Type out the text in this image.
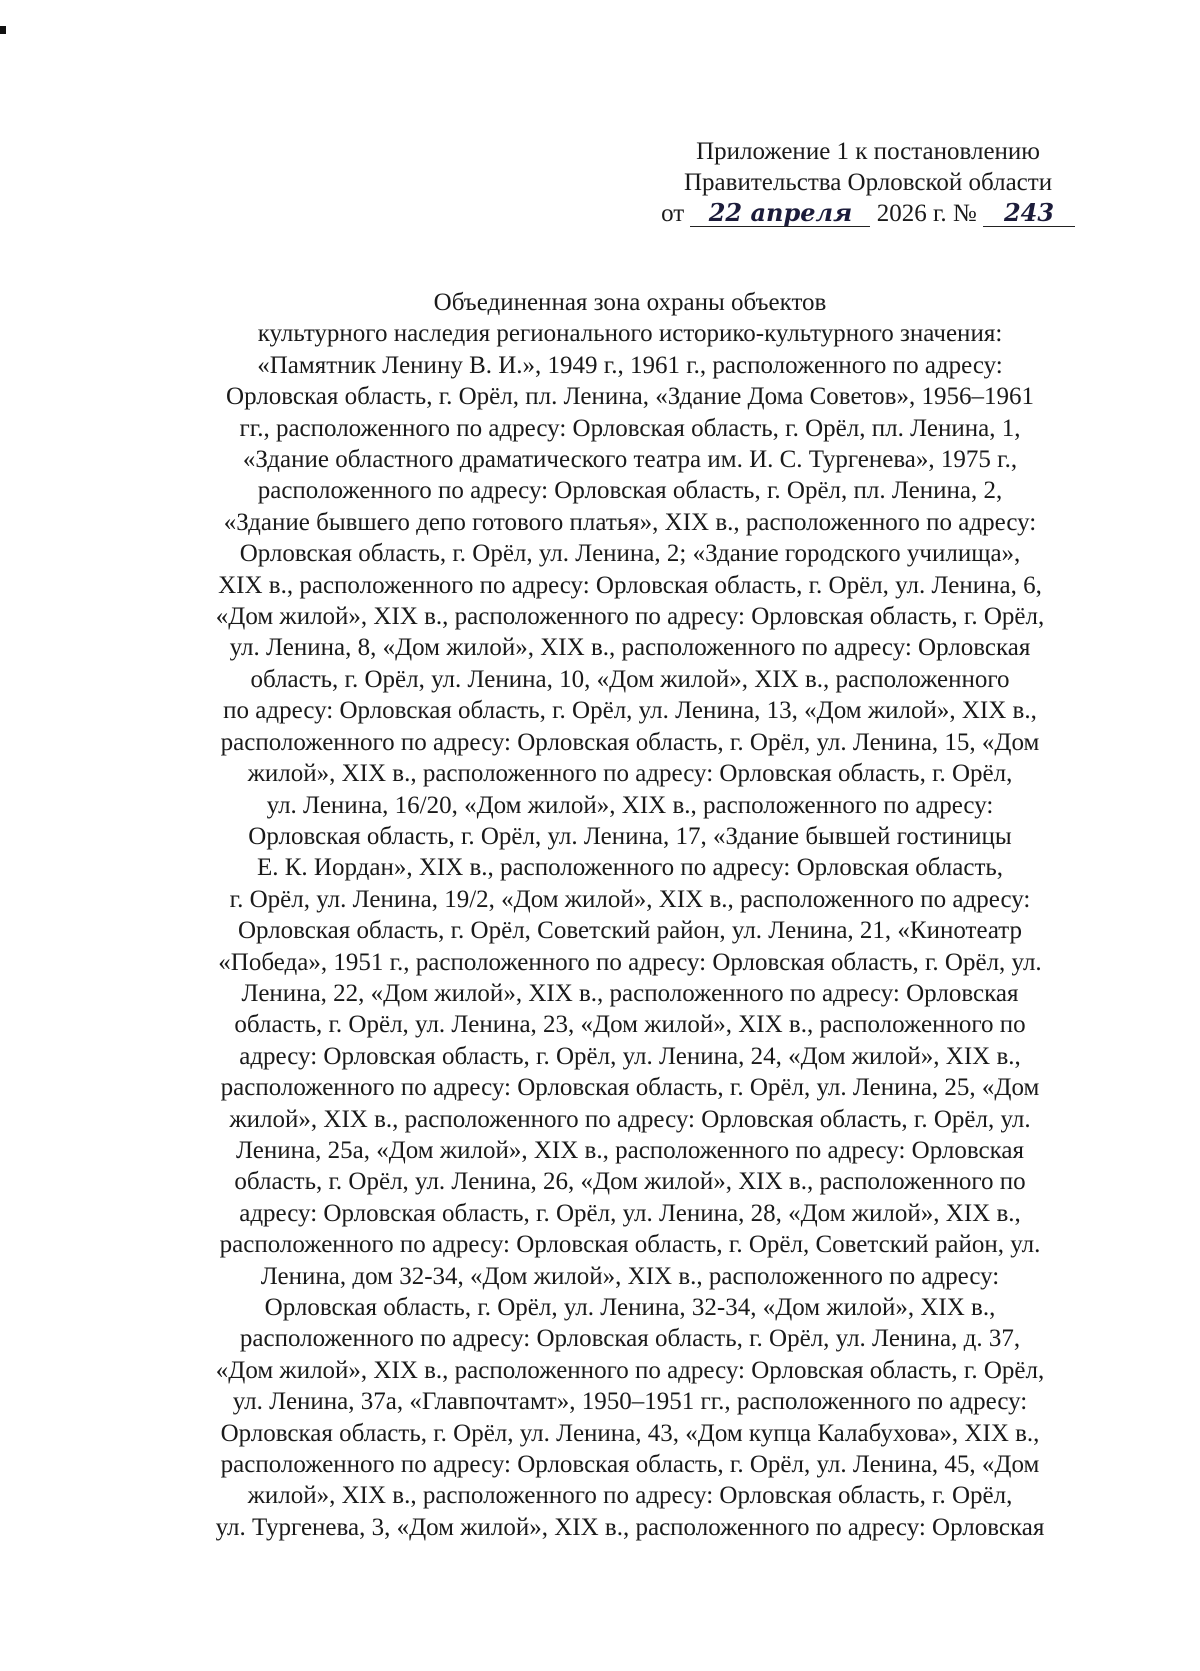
Приложение 1 к постановлению
Правительства Орловской области
от 22 апреля 2026 г. № 243
Объединенная зона охраны объектов
культурного наследия регионального историко-культурного значения:
«Памятник Ленину В. И.», 1949 г., 1961 г., расположенного по адресу:
Орловская область, г. Орёл, пл. Ленина, «Здание Дома Советов», 1956–1961
гг., расположенного по адресу: Орловская область, г. Орёл, пл. Ленина, 1,
«Здание областного драматического театра им. И. С. Тургенева», 1975 г.,
расположенного по адресу: Орловская область, г. Орёл, пл. Ленина, 2,
«Здание бывшего депо готового платья», XIX в., расположенного по адресу:
Орловская область, г. Орёл, ул. Ленина, 2; «Здание городского училища»,
XIX в., расположенного по адресу: Орловская область, г. Орёл, ул. Ленина, 6,
«Дом жилой», XIX в., расположенного по адресу: Орловская область, г. Орёл,
ул. Ленина, 8, «Дом жилой», XIX в., расположенного по адресу: Орловская
область, г. Орёл, ул. Ленина, 10, «Дом жилой», XIX в., расположенного
по адресу: Орловская область, г. Орёл, ул. Ленина, 13, «Дом жилой», XIX в.,
расположенного по адресу: Орловская область, г. Орёл, ул. Ленина, 15, «Дом
жилой», XIX в., расположенного по адресу: Орловская область, г. Орёл,
ул. Ленина, 16/20, «Дом жилой», XIX в., расположенного по адресу:
Орловская область, г. Орёл, ул. Ленина, 17, «Здание бывшей гостиницы
Е. К. Иордан», XIX в., расположенного по адресу: Орловская область,
г. Орёл, ул. Ленина, 19/2, «Дом жилой», XIX в., расположенного по адресу:
Орловская область, г. Орёл, Советский район, ул. Ленина, 21, «Кинотеатр
«Победа», 1951 г., расположенного по адресу: Орловская область, г. Орёл, ул.
Ленина, 22, «Дом жилой», XIX в., расположенного по адресу: Орловская
область, г. Орёл, ул. Ленина, 23, «Дом жилой», XIX в., расположенного по
адресу: Орловская область, г. Орёл, ул. Ленина, 24, «Дом жилой», XIX в.,
расположенного по адресу: Орловская область, г. Орёл, ул. Ленина, 25, «Дом
жилой», XIX в., расположенного по адресу: Орловская область, г. Орёл, ул.
Ленина, 25а, «Дом жилой», XIX в., расположенного по адресу: Орловская
область, г. Орёл, ул. Ленина, 26, «Дом жилой», XIX в., расположенного по
адресу: Орловская область, г. Орёл, ул. Ленина, 28, «Дом жилой», XIX в.,
расположенного по адресу: Орловская область, г. Орёл, Советский район, ул.
Ленина, дом 32-34, «Дом жилой», XIX в., расположенного по адресу:
Орловская область, г. Орёл, ул. Ленина, 32-34, «Дом жилой», XIX в.,
расположенного по адресу: Орловская область, г. Орёл, ул. Ленина, д. 37,
«Дом жилой», XIX в., расположенного по адресу: Орловская область, г. Орёл,
ул. Ленина, 37а, «Главпочтамт», 1950–1951 гг., расположенного по адресу:
Орловская область, г. Орёл, ул. Ленина, 43, «Дом купца Калабухова», XIX в.,
расположенного по адресу: Орловская область, г. Орёл, ул. Ленина, 45, «Дом
жилой», XIX в., расположенного по адресу: Орловская область, г. Орёл,
ул. Тургенева, 3, «Дом жилой», XIX в., расположенного по адресу: Орловская
